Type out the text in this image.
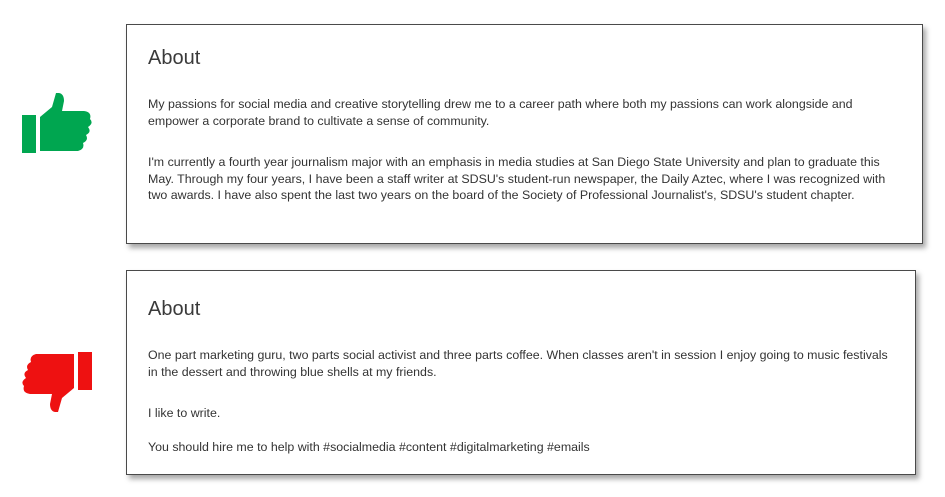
About

My passions for social media and creative storytelling drew me to a career path where both my passions can work alongside and empower a corporate brand to cultivate a sense of community.

I'm currently a fourth year journalism major with an emphasis in media studies at San Diego State University and plan to graduate this May. Through my four years, I have been a staff writer at SDSU's student-run newspaper, the Daily Aztec, where I was recognized with two awards. I have also spent the last two years on the board of the Society of Professional Journalist's, SDSU's student chapter.

About

One part marketing guru, two parts social activist and three parts coffee. When classes aren't in session I enjoy going to music festivals in the dessert and throwing blue shells at my friends.

I like to write.

You should hire me to help with #socialmedia #content #digitalmarketing #emails
